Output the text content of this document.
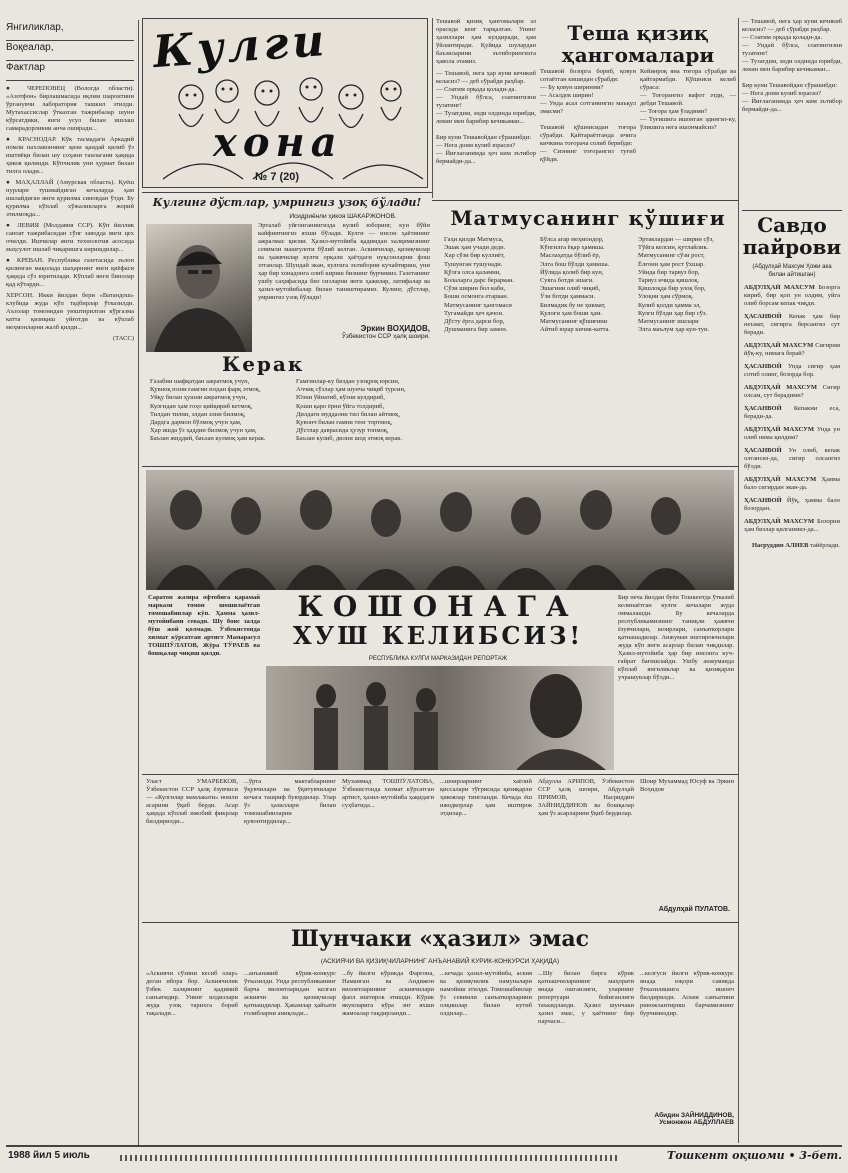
Янгиликлар,
Воқеалар,
Фактлар

● ЧЕРЕПОВЕЦ (Вологда области). «Азотфон» бирлашмасида иқлим шароитини ўрганувчи лаборатория ташкил этилди. Мутахассислар ўтказган тажрибалар шуни кўрсатдики, янги усул билан ишлаш самарадорликни анча оширади...

● КРАСНОДАР. Кўк тасмадаги Аркадий номли пахлавоннинг қизи қандай қилиб ўз иштиёқи билан шу соҳани танлагани ҳақида ҳикоя қилинди. Кўпчилик уни ҳурмат билан тилга олади...

● МАҲАЛЛАЙ (Амурская область). Қуёш нурлари тушмайдиган кечаларда ҳам ишлайдиган янги қурилма синовдан ўтди. Бу қурилма кўплаб хўжаликларга жорий этилмоқда...

● ЛЕВИЯ (Молдавия ССР). Кўп йиллик саноат тажрибасидан сўнг заводда янги цех очилди. Ишчилар янги технология асосида маҳсулот ишлаб чиқаришга киришдилар...

● КРЕВАН. Республика газетасида эълон қилинган мақолада шаҳарнинг янги қиёфаси ҳақида сўз юритилади. Кўплаб янги бинолар қад кўтарди...

ХЕРСОН. Икки йилдан бери «Ватандош» клубида жуда кўп тадбирлар ўтказилди. Аъзолар томонидан уюштирилган кўргазма катта қизиқиш уйғотди ва кўплаб меҳмонларни жалб қилди...

(ТАСС)

Кулги
хона
№ 7 (20)
Тешавой қизиқ ҳангомалари эл орасида кенг тарқалган. Унинг ҳазиллари ҳам кулдиради, ҳам ўйлантиради. Қуйида шулардан баъзиларини эътиборингизга ҳавола этамиз.
— Тешавой, нега ҳар куни кечикиб келасиз? — деб сўрабди раҳбар.
— Соатим орқада қолади-да.
— Ундай бўлса, соатингизни тузатинг!
— Тузатдим, энди олдинда юрибди, лекин мен барибир кечикаман...

Бир куни Тешавойдан сўрашибди:
— Нега доим кулиб юрасиз?
— Йиғлаганимда ҳеч ким эътибор бермайди-да...
Теша қизиқ
ҳангомалари
Тешавой бозорга бориб, қовун сотаётган кишидан сўрабди:
— Бу қовун ширинми?
— Асалдек ширин!
— Унда асал сотганингиз маъқул эмасми?

Тешавой қўшнисидан тоғора сўрабди. Қайтараётганда ичига кичкина тоғорача солиб берибди:
— Сизнинг тоғорангиз туғиб қўйди.
Кейинроқ яна тоғора сўрабди ва қайтармабди. Қўшниси келиб сўраса:
— Тоғорангиз вафот этди, — дебди Тешавой.
— Тоғора ҳам ўладими?
— Туғишига ишонган эдингиз-ку, ўлишига нега ишонмайсиз?
Кулгинг дўстлар, умрингиз узоқ бўлади!
Исидриёнли ҳикоя ШАКАРЖОНОВ.
Эрталаб уйғонганингизда кулиб юборинг, кун бўйи кайфиятингиз яхши бўлади. Кулги — инсон ҳаётининг ажралмас қисми. Ҳазил-мутойиба қадимдан халқимизнинг севимли машғулоти бўлиб келган. Аскиячилар, қизиқчилар ва ҳажвчилар кулги орқали ҳаётдаги нуқсонларни фош этганлар. Шундай экан, кулгига эътиборни кучайтириш, уни ҳар бир хонадонга олиб кириш бизнинг бурчимиз. Газетанинг ушбу саҳифасида биз сизларни янги ҳажвлар, латифалар ва ҳазил-мутойибалар билан таништирамиз. Кулинг, дўстлар, умрингиз узоқ бўлади!
Эркин ВОҲИДОВ,
Ўзбекистон ССР ҳалқ шоири.
Керак
Ғазабни шафқатдан ажратмоқ учун,
Қувноқ юзни ғамгин юздан фарқ этмоқ,
Уйқу билан ҳушни ажратмоқ учун,
Кулгидан ҳам гоҳо қийқириб кетмоқ,
Тилдан тилни, элдан элни билмоқ,
Дардга дармон бўлмоқ учун ҳам,
Ҳар ишда ўз ҳаддин билмоқ учун ҳам,
Баъзан жиддий, баъзан кулмоқ ҳам керак.
Ғамгинлар-ку биздан узоқроқ юрсин,
Аччиқ сўзлар ҳам шунча чиқиб турсин,
Юзни ўйнатиб, кўзни кулдириб,
Қоши қаро ёрни ўйга толдириб,
Дилдаги муддаони тил билан айтмоқ,
Қувонч билан ғамни тенг тортмоқ,
Дўстлар даврасида ҳузур топмоқ,
Баъзан кулиб, дилни шод этмоқ керак.
Матмусанинг қўшиғи
Гаҳи қилди Матмуса,
Эшак ҳам учади деди.
Хар сўзи бир куллиёт,
Тушунган тушунади.
Қўлга олса қаламни,
Болаларга дарс бераркан.
Сўзи ширин бол каби,
Боши осмонга етаркан.
Матмусанинг ҳангомаси
Тугамайди ҳеч қачон.
Дўсту ёрга дарси бор,
Душманига бир замон.
Бўлса агар меҳмондор,
Кўнгилга ёқар ҳамиша.
Маслаҳатда бўлиб ёр,
Элга бош бўлди ҳамиша.
Йўлида қолиб бир кун,
Сувга ботди эшаги.
Эшагини олиб чиқиб,
Ўзи ботди ҳаммаси.
Билмадик бу не ҳикмат,
Қулоғи ҳам боши ҳам.
Матмусанинг қўшиғини
Айтиб юрар кичик-катта.
Эртаклардан — ширин сўз,
Тўйга келсин, қутлайлик.
Матмусанинг сўзи рост,
Ёлғони ҳам рост ўхшар.
Уйида бир тарвуз бор,
Тарвуз ичида қишлоқ.
Қишлоқда бир улоқ бор,
Улоқни ҳам сўрмоқ.
Кулиб қолди ҳамма эл,
Кулги бўлди ҳар бир сўз.
Матмусанинг ишлари
Элга маълум ҳар кун-тун.
— Тешавой, нега ҳар куни кечикиб келасиз? — деб сўрабди раҳбар.
— Соатим орқада қолади-да.
— Ундай бўлса, соатингизни тузатинг!
— Тузатдим, энди олдинда юрибди, лекин мен барибир кечикаман...

Бир куни Тешавойдан сўрашибди:
— Нега доим кулиб юрасиз?
— Йиғлаганимда ҳеч ким эътибор бермайди-да...
Савдо
пайрови
(Абдулҳай Махсум Ҳожи ака билан айтишган)

АБДУЛҲАЙ МАХСУМ Бозорга кириб, бир қоп ун олдим, уйга олиб борсам кепак чиқди.

ҲАСАНВОЙ Кепак ҳам бир неъмат, сигирга берсангиз сут беради.

АБДУЛҲАЙ МАХСУМ Сигирим йўқ-ку, нимага берай?

ҲАСАНВОЙ Унда сигир ҳам сотиб олинг, бозорда бор.

АБДУЛҲАЙ МАХСУМ Сигир олсам, сут берадими?

ҲАСАНВОЙ Кепакни еса, беради-да.

АБДУЛҲАЙ МАХСУМ Унда ун олиб нима қилдим?

ҲАСАНВОЙ Ун олиб, кепак олгансиз-да, сигир олсангиз бўлди.

АБДУЛҲАЙ МАХСУМ Ҳамма бало сигирдан экан-да.

ҲАСАНВОЙ Йўқ, ҳамма бало бозордан.

АБДУЛҲАЙ МАХСУМ Бозорни ҳам бизлар қилганмиз-да...

Насруддин АЛИЕВ тайёрлади.

Саратон жазира офтобига қарамай маркази томон шошилаётган томошабинлар кўп. Ҳамма ҳазил-мутойибани севади. Шу боис залда бўш жой қолмади. Ўзбекистонда хизмат кўрсатган артист Мамарасул ТОШПЎЛАТОВ, Жўра ТЎРАЕВ ва бошқалар чиқиш қилди.
КОШОНАГА
ХУШ КЕЛИБСИЗ!
РЕСПУБЛИКА КУЛГИ МАРКАЗИДАН РЕПОРТАЖ
Бир неча йилдан буён Тошкентда ўтказиб келинаётган кулги кечалари жуда оммалашди. Бу кечаларда республикамизнинг таниқли ҳажвчи ёзувчилари, шоирлари, санъаткорлари қатнашадилар. Анжуман иштирокчилари жуда кўп янги асарлар билан чиқдилар. Ҳазил-мутойиба ҳар бир инсонга куч-ғайрат бағишлайди. Ушбу анжуманда кўплаб янгиликлар ва қизиқарли учрашувлар бўлди...
Уласт УМАРБЕКОВ, Ўзбекистон ССР ҳалқ ёзувчиси — «Кулгилар мамлакати» номли асарини ўқиб берди. Асар ҳақида кўплаб ижобий фикрлар билдирилди...
...ўрта мактабларнинг ўқувчилари ва ўқитувчилари кечага ташриф буюрдилар. Улар ўз ҳазиллари билан томошабинларни қувонтирдилар...
Мухаммад ТОШПЎЛАТОВА, Ўзбекистонда хизмат кўрсатган артист, ҳазил-мутойиба ҳақидаги суҳбатида...
...шоирларнинг хаёлий қиссалари тўғрисида қизиқарли ҳикоялар тингланди. Кечада ёш ижодкорлар ҳам иштирок этдилар...
Абдулла АРИПОВ, Ўзбекистон ССР ҳалқ шоири, Абдулҳай ПРИМОВ, Насриддин ЗАЙНИДДИНОВ ва бошқалар ҳам ўз асарларини ўқиб бердилар.
Шоир Мухаммад Юсуф ва Эркин Воҳидов
Абдулҳай ПУЛАТОВ.
Шунчаки «ҳазил» эмас
(АСКИЯЧИ ВА ҚИЗИҚЧИЛАРНИНГ АНЪАНАВИЙ КУРИК-КОНКУРСИ ҲАҚИДА)
«Аскиячи сўзини кесиб олар» деган ибора бор. Аскиячилик ўзбек халқининг қадимий санъатидир. Унинг илдизлари жуда узоқ тарихга бориб тақалади...
...анъанавий кўрик-конкурс ўтказилди. Унда республиканинг барча вилоятларидан келган аскиячи ва қизиқчилар қатнашдилар. Ҳакамлар ҳайъати ғолибларни аниқлади...
...бу йилги кўрикда Фарғона, Наманган ва Андижон вилоятларининг аскиячилари фаол иштирок этишди. Кўрик якунларига кўра энг яхши жамоалар тақдирланди...
...кечада ҳазил-мутойиба, аския ва қизиқчилик намуналари намойиш этилди. Томошабинлар ўз севимли санъаткорларини олқишлар билан кутиб олдилар...
...Шу билан бирга кўрик қатнашчиларининг маҳорати янада ошганлиги, уларнинг репертуари бойиганлиги таъкидланди. Ҳазил шунчаки ҳазил эмас, у ҳаётнинг бир парчаси...
...келгуси йилги кўрик-конкурс янада юқори савияда ўтказилишига ишонч билдирилди. Аския санъатини ривожлантириш барчамизнинг бурчимиздир.
Абидин ЗАЙНИДДИНОВ,
Усмонжон АБДУЛЛАЕВ
1988 йил 5 июль	Тошкент оқшоми • 3-бет.
